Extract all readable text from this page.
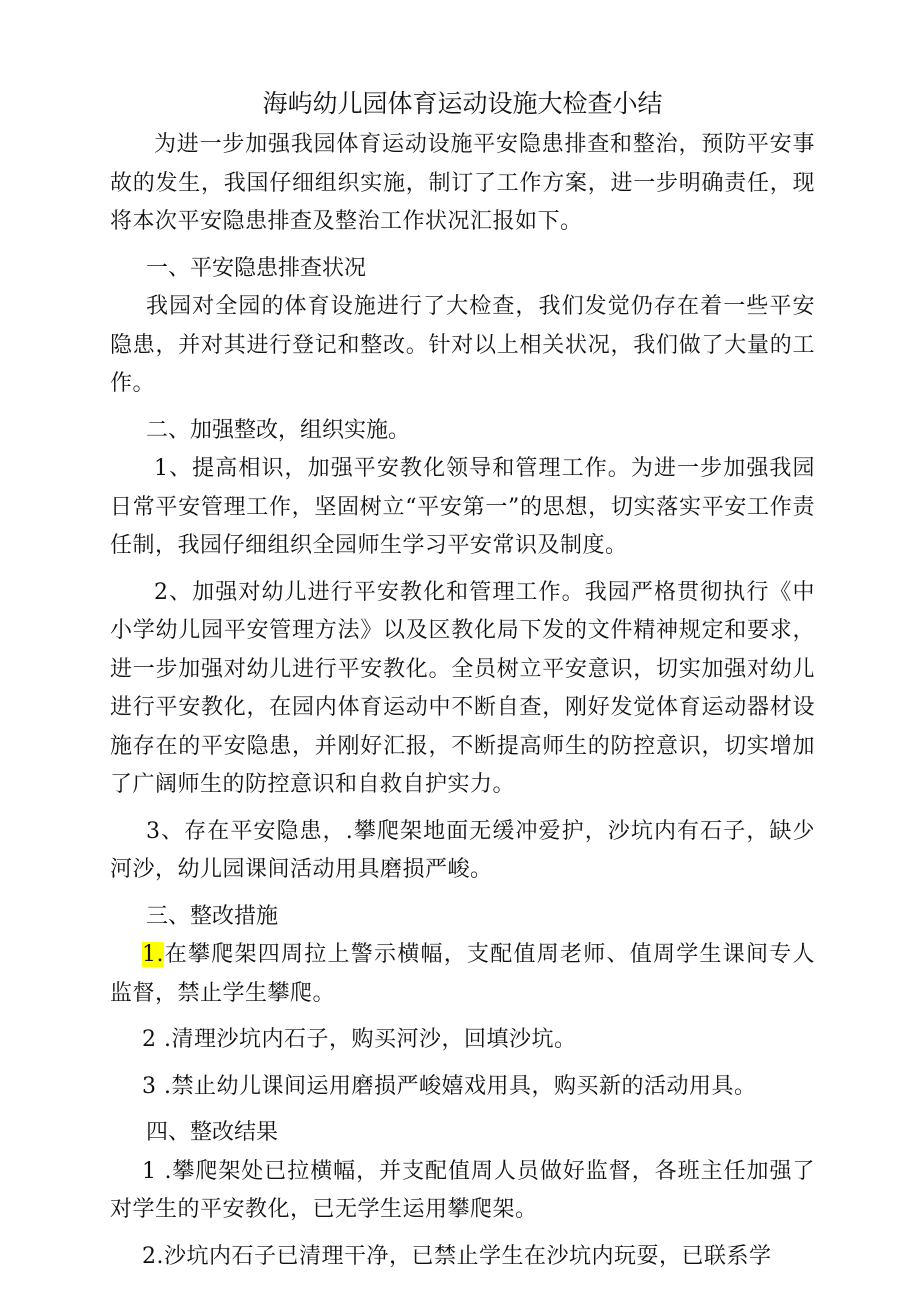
海屿幼儿园体育运动设施大检查小结

为进一步加强我园体育运动设施平安隐患排查和整治，预防平安事故的发生，我国仔细组织实施，制订了工作方案，进一步明确责任，现将本次平安隐患排查及整治工作状况汇报如下。

一、平安隐患排查状况

我园对全园的体育设施进行了大检查，我们发觉仍存在着一些平安隐患，并对其进行登记和整改。针对以上相关状况，我们做了大量的工作。

二、加强整改，组织实施。

1、提高相识，加强平安教化领导和管理工作。为进一步加强我园日常平安管理工作，坚固树立“平安第一”的思想，切实落实平安工作责任制，我园仔细组织全园师生学习平安常识及制度。

2、加强对幼儿进行平安教化和管理工作。我园严格贯彻执行《中小学幼儿园平安管理方法》以及区教化局下发的文件精神规定和要求，进一步加强对幼儿进行平安教化。全员树立平安意识，切实加强对幼儿进行平安教化，在园内体育运动中不断自查，刚好发觉体育运动器材设施存在的平安隐患，并刚好汇报，不断提高师生的防控意识，切实增加了广阔师生的防控意识和自救自护实力。

3、存在平安隐患，.攀爬架地面无缓冲爱护，沙坑内有石子，缺少河沙，幼儿园课间活动用具磨损严峻。

三、整改措施

1.在攀爬架四周拉上警示横幅，支配值周老师、值周学生课间专人监督，禁止学生攀爬。

2 .清理沙坑内石子，购买河沙，回填沙坑。

3 .禁止幼儿课间运用磨损严峻嬉戏用具，购买新的活动用具。

四、整改结果

1 .攀爬架处已拉横幅，并支配值周人员做好监督，各班主任加强了对学生的平安教化，已无学生运用攀爬架。

2.沙坑内石子已清理干净，已禁止学生在沙坑内玩耍，已联系学
